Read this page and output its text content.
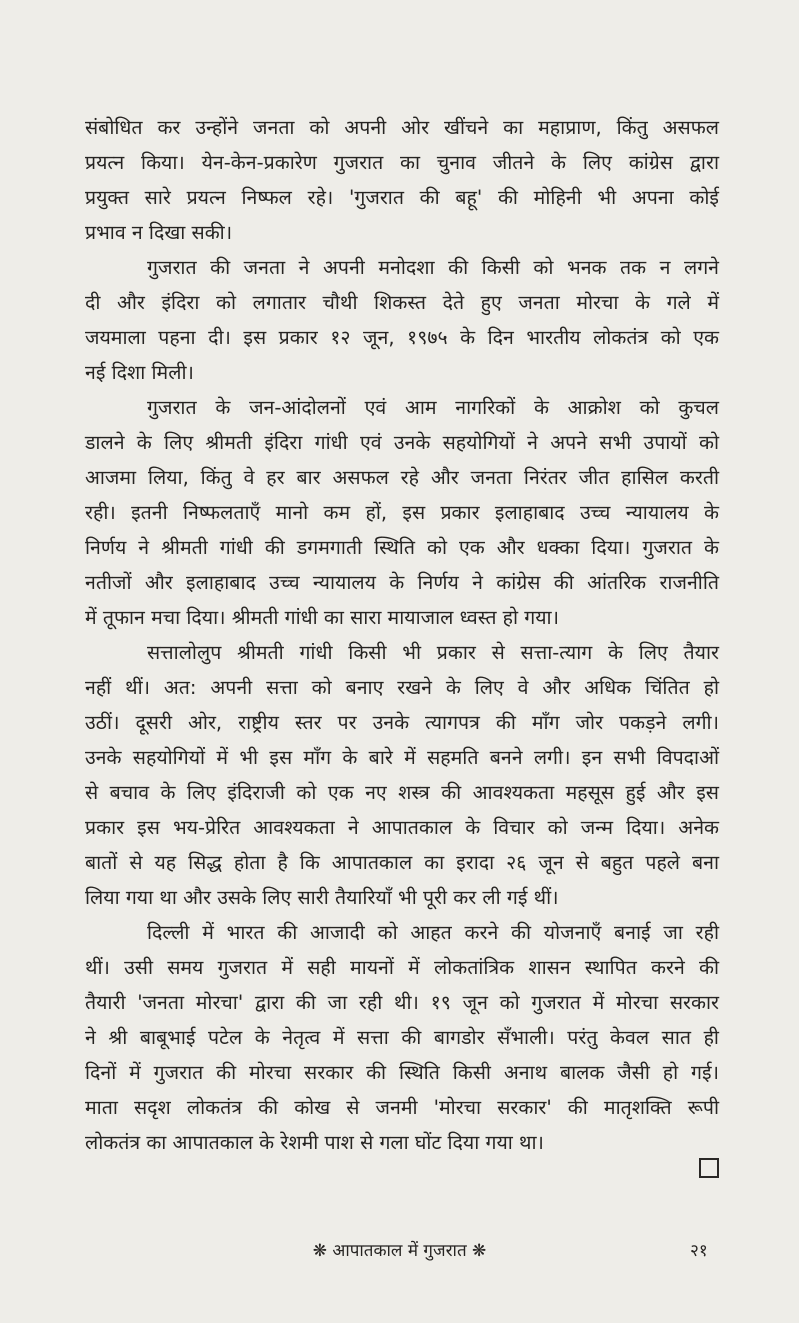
संबोधित कर उन्होंने जनता को अपनी ओर खींचने का महाप्राण, किंतु असफल
प्रयत्न किया। येन-केन-प्रकारेण गुजरात का चुनाव जीतने के लिए कांग्रेस द्वारा
प्रयुक्त सारे प्रयत्न निष्फल रहे। 'गुजरात की बहू' की मोहिनी भी अपना कोई
प्रभाव न दिखा सकी।
गुजरात की जनता ने अपनी मनोदशा की किसी को भनक तक न लगने
दी और इंदिरा को लगातार चौथी शिकस्त देते हुए जनता मोरचा के गले में
जयमाला पहना दी। इस प्रकार १२ जून, १९७५ के दिन भारतीय लोकतंत्र को एक
नई दिशा मिली।
गुजरात के जन-आंदोलनों एवं आम नागरिकों के आक्रोश को कुचल
डालने के लिए श्रीमती इंदिरा गांधी एवं उनके सहयोगियों ने अपने सभी उपायों को
आजमा लिया, किंतु वे हर बार असफल रहे और जनता निरंतर जीत हासिल करती
रही। इतनी निष्फलताएँ मानो कम हों, इस प्रकार इलाहाबाद उच्च न्यायालय के
निर्णय ने श्रीमती गांधी की डगमगाती स्थिति को एक और धक्का दिया। गुजरात के
नतीजों और इलाहाबाद उच्च न्यायालय के निर्णय ने कांग्रेस की आंतरिक राजनीति
में तूफान मचा दिया। श्रीमती गांधी का सारा मायाजाल ध्वस्त हो गया।
सत्तालोलुप श्रीमती गांधी किसी भी प्रकार से सत्ता-त्याग के लिए तैयार
नहीं थीं। अत: अपनी सत्ता को बनाए रखने के लिए वे और अधिक चिंतित हो
उठीं। दूसरी ओर, राष्ट्रीय स्तर पर उनके त्यागपत्र की माँग जोर पकड़ने लगी।
उनके सहयोगियों में भी इस माँग के बारे में सहमति बनने लगी। इन सभी विपदाओं
से बचाव के लिए इंदिराजी को एक नए शस्त्र की आवश्यकता महसूस हुई और इस
प्रकार इस भय-प्रेरित आवश्यकता ने आपातकाल के विचार को जन्म दिया। अनेक
बातों से यह सिद्ध होता है कि आपातकाल का इरादा २६ जून से बहुत पहले बना
लिया गया था और उसके लिए सारी तैयारियाँ भी पूरी कर ली गई थीं।
दिल्ली में भारत की आजादी को आहत करने की योजनाएँ बनाई जा रही
थीं। उसी समय गुजरात में सही मायनों में लोकतांत्रिक शासन स्थापित करने की
तैयारी 'जनता मोरचा' द्वारा की जा रही थी। १९ जून को गुजरात में मोरचा सरकार
ने श्री बाबूभाई पटेल के नेतृत्व में सत्ता की बागडोर सँभाली। परंतु केवल सात ही
दिनों में गुजरात की मोरचा सरकार की स्थिति किसी अनाथ बालक जैसी हो गई।
माता सदृश लोकतंत्र की कोख से जनमी 'मोरचा सरकार' की मातृशक्ति रूपी
लोकतंत्र का आपातकाल के रेशमी पाश से गला घोंट दिया गया था।
❋ आपातकाल में गुजरात ❋	२१
